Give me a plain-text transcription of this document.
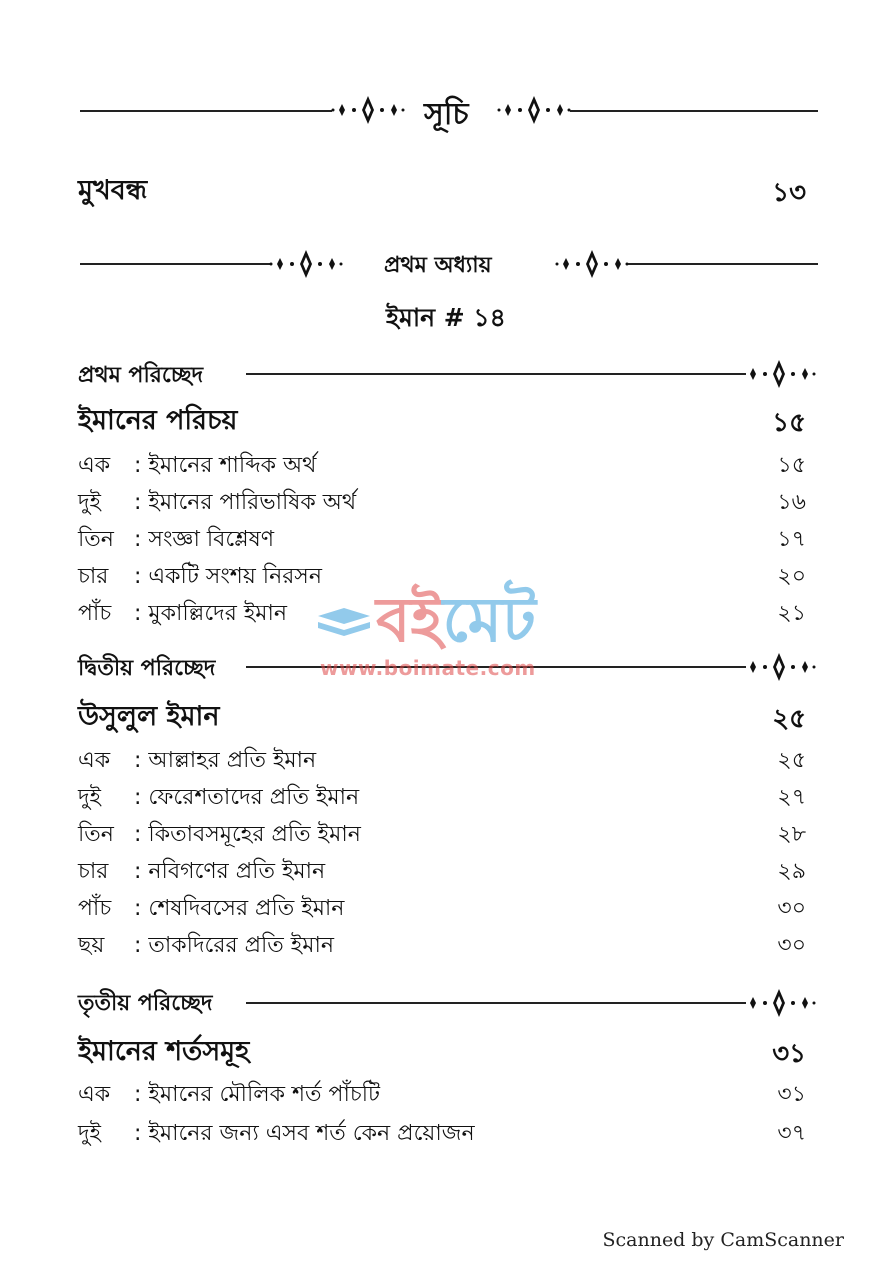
সূচি
মুখবন্ধ	১৩
প্রথম অধ্যায়
ইমান # ১৪
প্রথম পরিচ্ছেদ
ইমানের পরিচয়	১৫
এক : ইমানের শাব্দিক অর্থ	১৫
দুই : ইমানের পারিভাষিক অর্থ	১৬
তিন : সংজ্ঞা বিশ্লেষণ	১৭
চার : একটি সংশয় নিরসন	২০
পাঁচ : মুকাল্লিদের ইমান	২১
দ্বিতীয় পরিচ্ছেদ
উসুলুল ইমান	২৫
এক : আল্লাহর প্রতি ইমান	২৫
দুই : ফেরেশতাদের প্রতি ইমান	২৭
তিন : কিতাবসমূহের প্রতি ইমান	২৮
চার : নবিগণের প্রতি ইমান	২৯
পাঁচ : শেষদিবসের প্রতি ইমান	৩০
ছয় : তাকদিরের প্রতি ইমান	৩০
তৃতীয় পরিচ্ছেদ
ইমানের শর্তসমূহ	৩১
এক : ইমানের মৌলিক শর্ত পাঁচটি	৩১
দুই : ইমানের জন্য এসব শর্ত কেন প্রয়োজন	৩৭
বইমেট
www.boimate.com
Scanned by CamScanner
